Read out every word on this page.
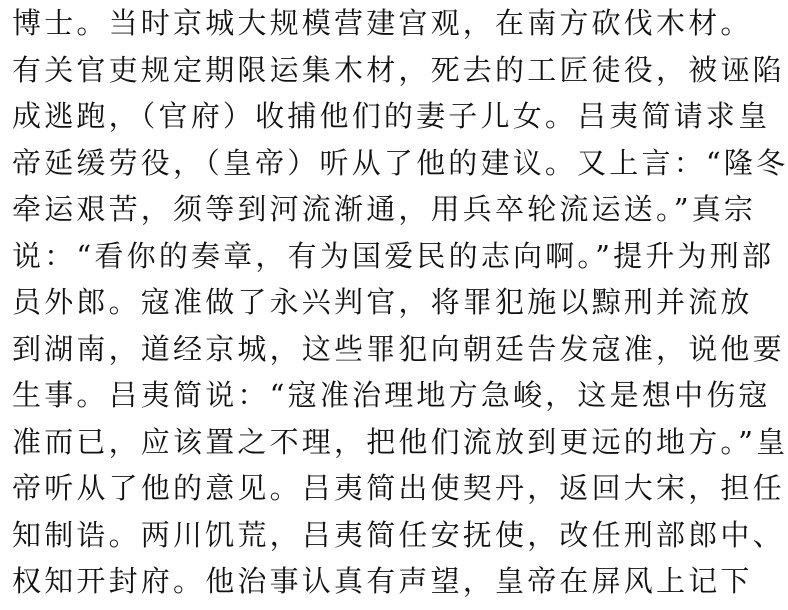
博士。当时京城大规模营建宫观，在南方砍伐木材。
有关官吏规定期限运集木材，死去的工匠徒役，被诬陷
成逃跑，（官府）收捕他们的妻子儿女。吕夷简请求皇
帝延缓劳役，（皇帝）听从了他的建议。又上言：“隆冬
牵运艰苦，须等到河流渐通，用兵卒轮流运送。”真宗
说：“看你的奏章，有为国爱民的志向啊。”提升为刑部
员外郎。寇准做了永兴判官，将罪犯施以黥刑并流放
到湖南，道经京城，这些罪犯向朝廷告发寇准，说他要
生事。吕夷简说：“寇准治理地方急峻，这是想中伤寇
准而已，应该置之不理，把他们流放到更远的地方。”皇
帝听从了他的意见。吕夷简出使契丹，返回大宋，担任
知制诰。两川饥荒，吕夷简任安抚使，改任刑部郎中、
权知开封府。他治事认真有声望，皇帝在屏风上记下
